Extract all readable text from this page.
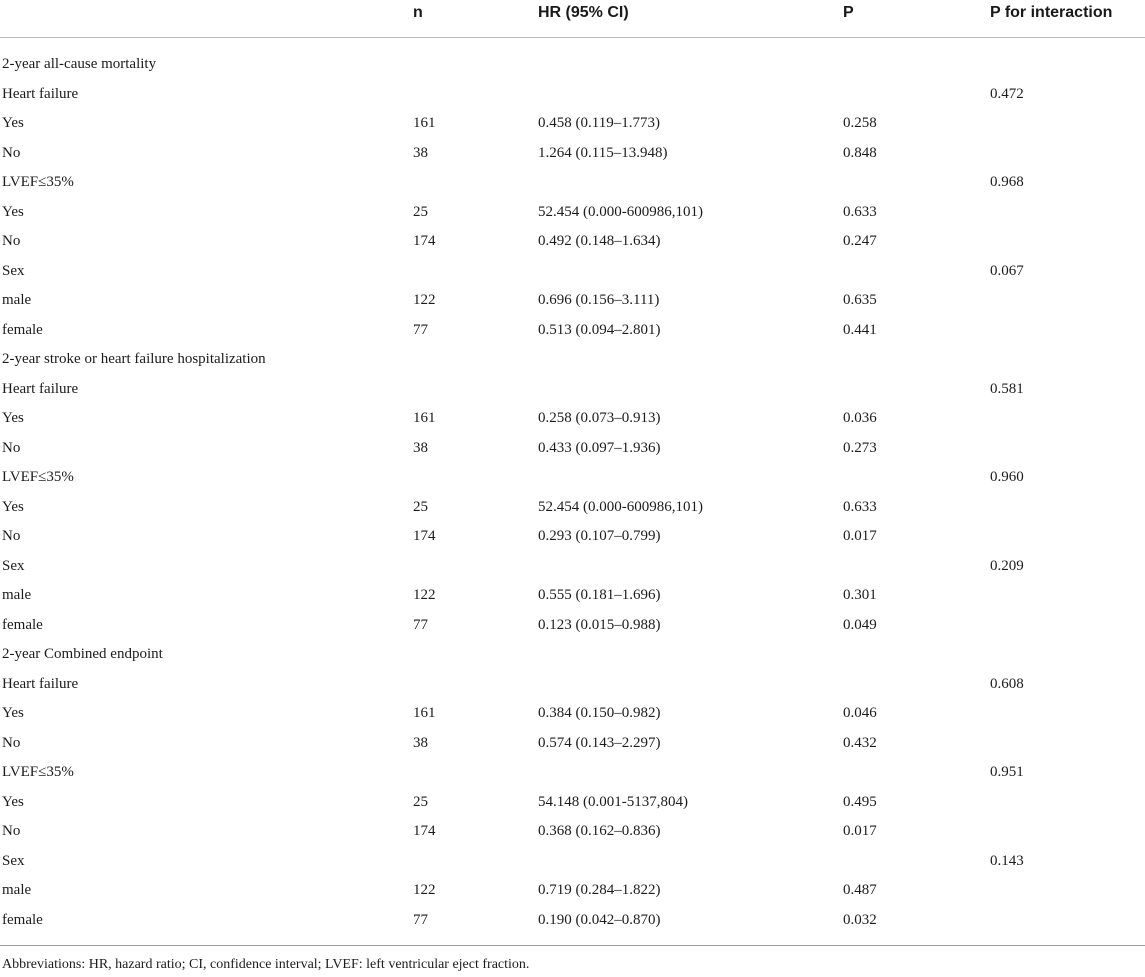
	n	HR (95% CI)	P	P for interaction

2-year all-cause mortality				
Heart failure				0.472
Yes	161	0.458 (0.119–1.773)	0.258	
No	38	1.264 (0.115–13.948)	0.848	
LVEF≤35%				0.968
Yes	25	52.454 (0.000-600986,101)	0.633	
No	174	0.492 (0.148–1.634)	0.247	
Sex				0.067
male	122	0.696 (0.156–3.111)	0.635	
female	77	0.513 (0.094–2.801)	0.441	
2-year stroke or heart failure hospitalization				
Heart failure				0.581
Yes	161	0.258 (0.073–0.913)	0.036	
No	38	0.433 (0.097–1.936)	0.273	
LVEF≤35%				0.960
Yes	25	52.454 (0.000-600986,101)	0.633	
No	174	0.293 (0.107–0.799)	0.017	
Sex				0.209
male	122	0.555 (0.181–1.696)	0.301	
female	77	0.123 (0.015–0.988)	0.049	
2-year Combined endpoint				
Heart failure				0.608
Yes	161	0.384 (0.150–0.982)	0.046	
No	38	0.574 (0.143–2.297)	0.432	
LVEF≤35%				0.951
Yes	25	54.148 (0.001-5137,804)	0.495	
No	174	0.368 (0.162–0.836)	0.017	
Sex				0.143
male	122	0.719 (0.284–1.822)	0.487	
female	77	0.190 (0.042–0.870)	0.032	

Abbreviations: HR, hazard ratio; CI, confidence interval; LVEF: left ventricular eject fraction.
